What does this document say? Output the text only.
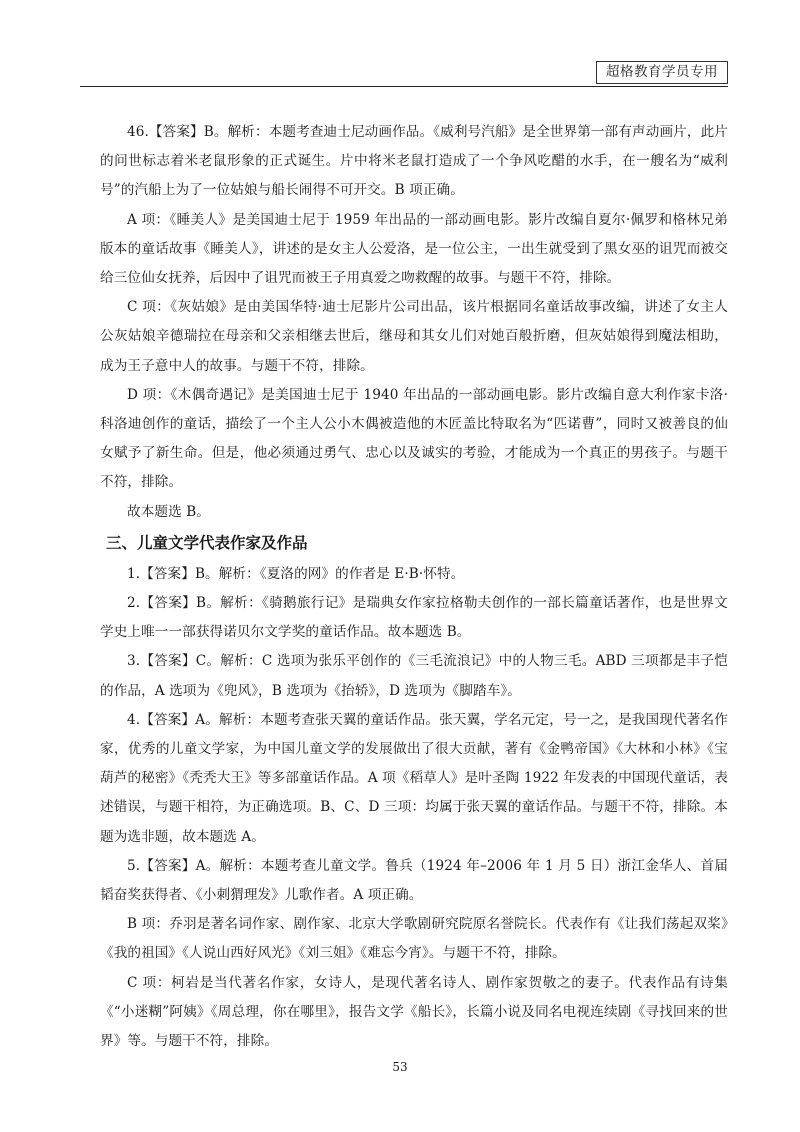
超格教育学员专用

46.【答案】B。解析：本题考查迪士尼动画作品。《威利号汽船》是全世界第一部有声动画片，此片的问世标志着米老鼠形象的正式诞生。片中将米老鼠打造成了一个争风吃醋的水手，在一艘名为“威利号”的汽船上为了一位姑娘与船长闹得不可开交。B 项正确。

A 项：《睡美人》是美国迪士尼于 1959 年出品的一部动画电影。影片改编自夏尔·佩罗和格林兄弟版本的童话故事《睡美人》，讲述的是女主人公爱洛，是一位公主，一出生就受到了黑女巫的诅咒而被交给三位仙女抚养，后因中了诅咒而被王子用真爱之吻救醒的故事。与题干不符，排除。

C 项：《灰姑娘》是由美国华特·迪士尼影片公司出品，该片根据同名童话故事改编，讲述了女主人公灰姑娘辛德瑞拉在母亲和父亲相继去世后，继母和其女儿们对她百般折磨，但灰姑娘得到魔法相助，成为王子意中人的故事。与题干不符，排除。

D 项：《木偶奇遇记》是美国迪士尼于 1940 年出品的一部动画电影。影片改编自意大利作家卡洛·科洛迪创作的童话，描绘了一个主人公小木偶被造他的木匠盖比特取名为“匹诺曹”，同时又被善良的仙女赋予了新生命。但是，他必须通过勇气、忠心以及诚实的考验，才能成为一个真正的男孩子。与题干不符，排除。

故本题选 B。

三、儿童文学代表作家及作品

1.【答案】B。解析：《夏洛的网》的作者是 E·B·怀特。

2.【答案】B。解析：《骑鹅旅行记》是瑞典女作家拉格勒夫创作的一部长篇童话著作，也是世界文学史上唯一一部获得诺贝尔文学奖的童话作品。故本题选 B。

3.【答案】C。解析：C 选项为张乐平创作的《三毛流浪记》中的人物三毛。ABD 三项都是丰子恺的作品，A 选项为《兜风》，B 选项为《抬轿》，D 选项为《脚踏车》。

4.【答案】A。解析：本题考查张天翼的童话作品。张天翼，学名元定，号一之，是我国现代著名作家，优秀的儿童文学家，为中国儿童文学的发展做出了很大贡献，著有《金鸭帝国》《大林和小林》《宝葫芦的秘密》《秃秃大王》等多部童话作品。A 项《稻草人》是叶圣陶 1922 年发表的中国现代童话，表述错误，与题干相符，为正确选项。B、C、D 三项：均属于张天翼的童话作品。与题干不符，排除。本题为选非题，故本题选 A。

5.【答案】A。解析：本题考查儿童文学。鲁兵（1924 年–2006 年 1 月 5 日）浙江金华人、首届韬奋奖获得者、《小刺猬理发》儿歌作者。A 项正确。

B 项：乔羽是著名词作家、剧作家、北京大学歌剧研究院原名誉院长。代表作有《让我们荡起双桨》《我的祖国》《人说山西好风光》《刘三姐》《难忘今宵》。与题干不符，排除。

C 项：柯岩是当代著名作家，女诗人，是现代著名诗人、剧作家贺敬之的妻子。代表作品有诗集《“小迷糊”阿姨》《周总理，你在哪里》，报告文学《船长》，长篇小说及同名电视连续剧《寻找回来的世界》等。与题干不符，排除。

53
